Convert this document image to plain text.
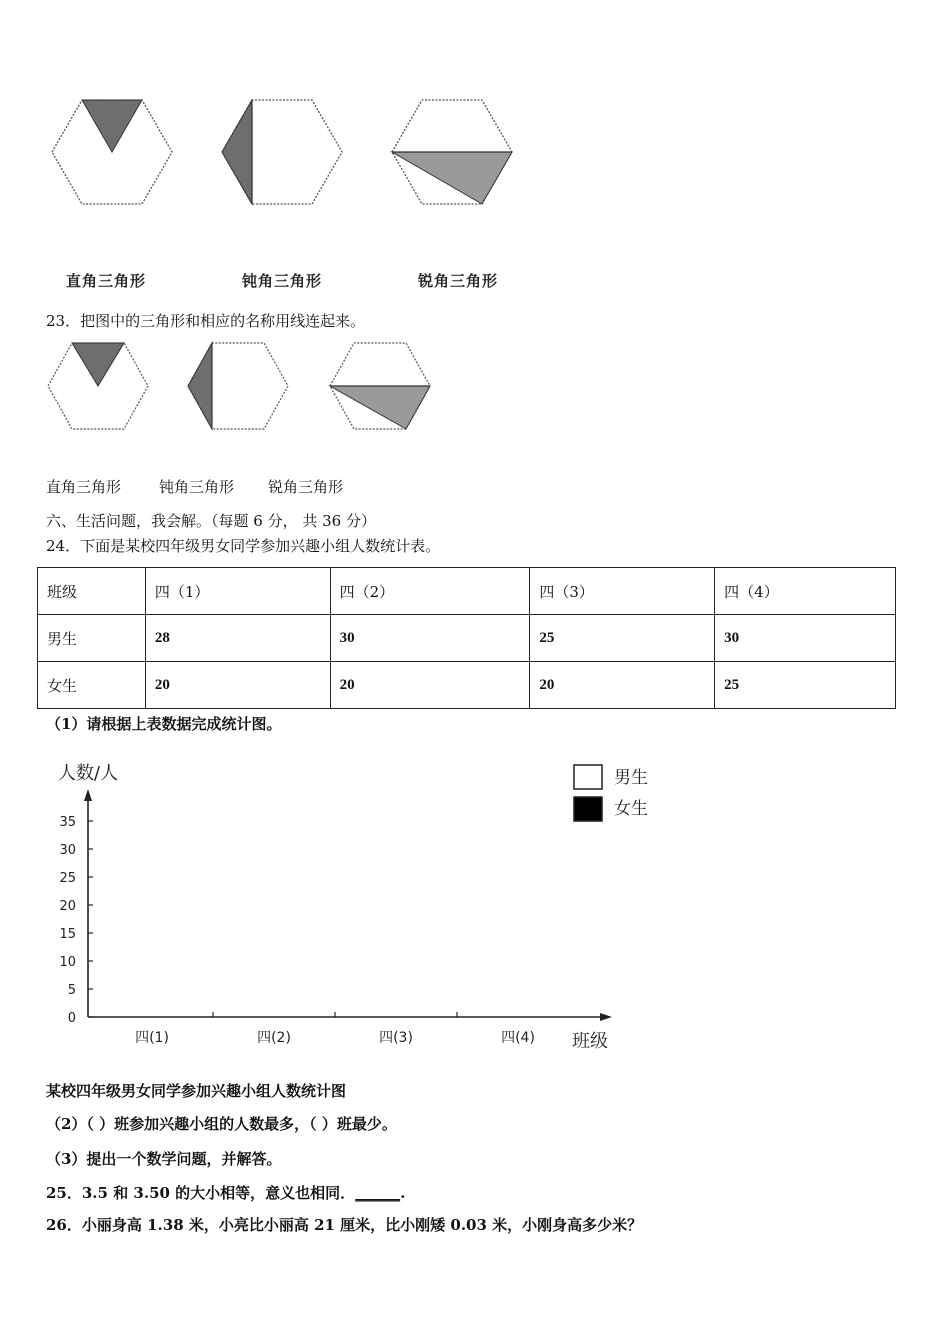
直角三角形	钝角三角形	锐角三角形
23．把图中的三角形和相应的名称用线连起来。
直角三角形	钝角三角形 锐角三角形
六、生活问题，我会解。（每题 6 分， 共 36 分）
24．下面是某校四年级男女同学参加兴趣小组人数统计表。
班级	四（1）	四（2）	四（3）	四（4）
男生	28	30	25	30
女生	20	20	20	25
（1）请根据上表数据完成统计图。
人数/人
班级
0
5
10
15
20
25
30
35
四(1)	四(2)	四(3)	四(4)
男生
女生
某校四年级男女同学参加兴趣小组人数统计图
（2）（ ）班参加兴趣小组的人数最多，（ ）班最少。
（3）提出一个数学问题，并解答。
25．3.5 和 3.50 的大小相等，意义也相同．______.
26．小丽身高 1.38 米，小亮比小丽高 21 厘米，比小刚矮 0.03 米，小刚身高多少米？
